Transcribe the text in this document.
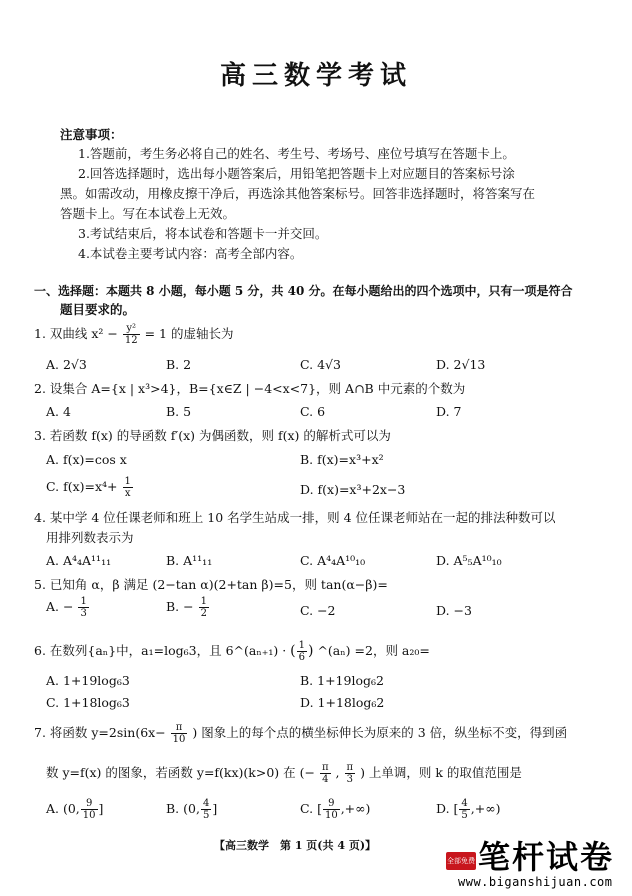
高三数学考试
注意事项：
1.答题前，考生务必将自己的姓名、考生号、考场号、座位号填写在答题卡上。
2.回答选择题时，选出每小题答案后，用铅笔把答题卡上对应题目的答案标号涂
黑。如需改动，用橡皮擦干净后，再选涂其他答案标号。回答非选择题时，将答案写在
答题卡上。写在本试卷上无效。
3.考试结束后，将本试卷和答题卡一并交回。
4.本试卷主要考试内容：高考全部内容。
一、选择题：本题共 8 小题，每小题 5 分，共 40 分。在每小题给出的四个选项中，只有一项是符合
题目要求的。
1. 双曲线 $x^2 - \frac{\text{y²}}{12} = 1$ 的虚轴长为
A. 2√3	B. 2	C. 4√3	D. 2√13
2. 设集合 A={x | x³>4}，B={x∈Z | −4<x<7}，则 A∩B 中元素的个数为
A. 4	B. 5	C. 6	D. 7
3. 若函数 f(x) 的导函数 f′(x) 为偶函数，则 f(x) 的解析式可以为
A. f(x)=cos x	B. f(x)=x³+x²
C. $f(x)=x^4+ \frac{1}{x}$	D. f(x)=x³+2x−3
4. 某中学 4 位任课老师和班上 10 名学生站成一排，则 4 位任课老师站在一起的排法种数可以
用排列数表示为
A. A⁴₄A¹¹₁₁	B. A¹¹₁₁	C. A⁴₄A¹⁰₁₀	D. A⁵₅A¹⁰₁₀
5. 已知角 α，β 满足 (2−tan α)(2+tan β)=5，则 tan(α−β)=
A. − $\frac{1}{3}$	B. − $\frac{1}{2}$	C. −2	D. −3
6. 在数列{aₙ}中，a₁=log₆3，且 6^(aₙ₊₁) · ( $\frac{1}{6}$ ) ^(aₙ) =2，则 a₂₀=
A. 1+19log₆3	B. 1+19log₆2
C. 1+18log₆3	D. 1+18log₆2
7. 将函数 $y=2\sin(6x- \frac{\pi}{10}$ ) 图象上的每个点的横坐标伸长为原来的 3 倍，纵坐标不变，得到函
数 y=f(x) 的图象，若函数 y=f(kx)(k>0) 在 (− $\frac{\pi}{4}$ , $\frac{\pi}{3}$ ) 上单调，则 k 的取值范围是
A. (0, $\frac{9}{10}$ ]	B. (0, $\frac{4}{5}$ ]	C. [ $\frac{9}{10}$ ,+∞)	D. [ $\frac{4}{5}$ ,+∞)
【高三数学　第 1 页(共 4 页)】	笔杆试卷
全部免费
www.biganshijuan.com
